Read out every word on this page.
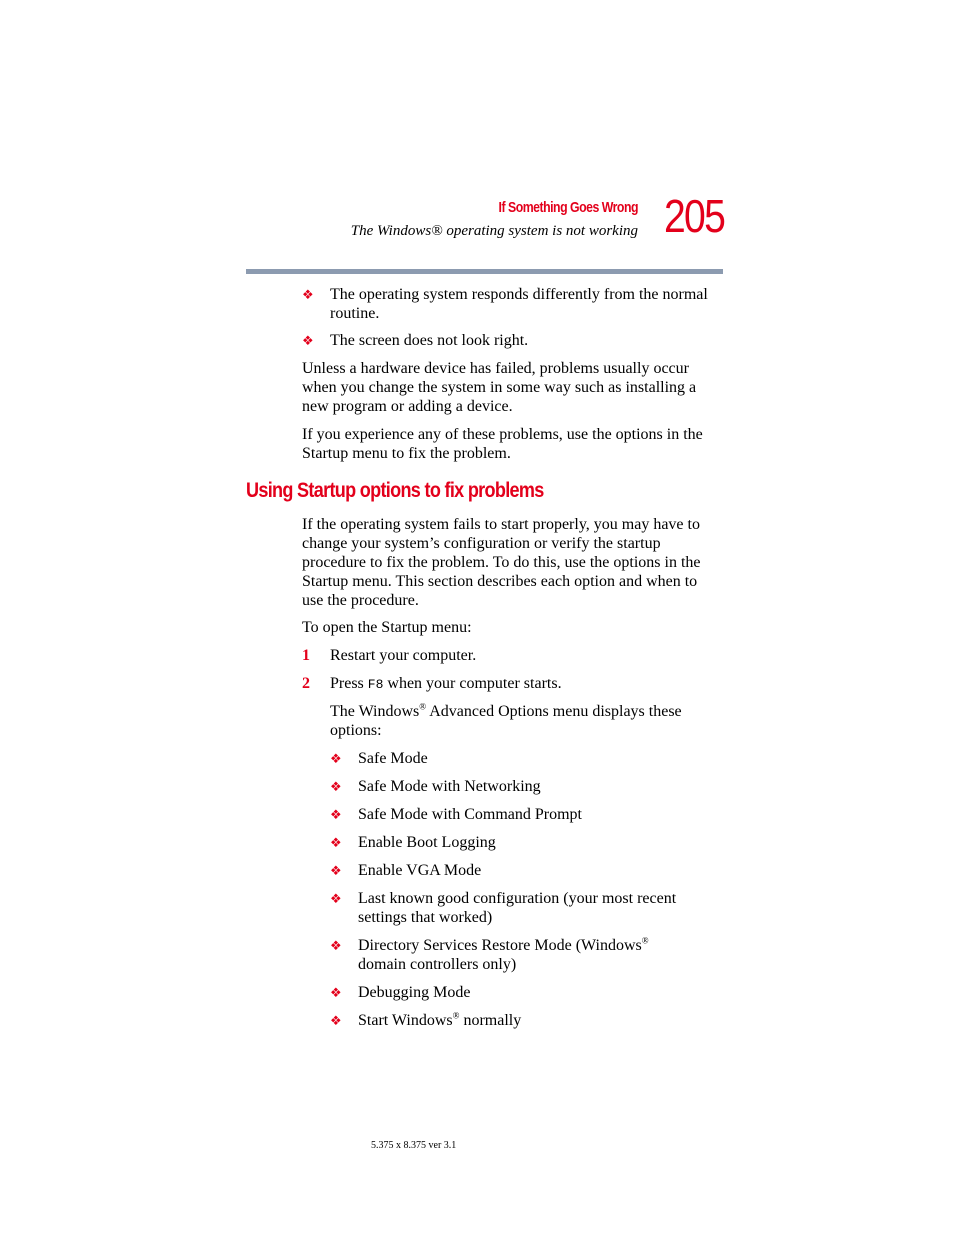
If Something Goes Wrong
The Windows® operating system is not working 205
❖ The operating system responds differently from the normal routine.

❖ The screen does not look right.

Unless a hardware device has failed, problems usually occur when you change the system in some way such as installing a new program or adding a device.

If you experience any of these problems, use the options in the Startup menu to fix the problem.

Using Startup options to fix problems

If the operating system fails to start properly, you may have to change your system’s configuration or verify the startup procedure to fix the problem. To do this, use the options in the Startup menu. This section describes each option and when to use the procedure.

To open the Startup menu:

1 Restart your computer.

2 Press F8 when your computer starts.

The Windows® Advanced Options menu displays these options:

❖ Safe Mode

❖ Safe Mode with Networking

❖ Safe Mode with Command Prompt

❖ Enable Boot Logging

❖ Enable VGA Mode

❖ Last known good configuration (your most recent settings that worked)

❖ Directory Services Restore Mode (Windows® domain controllers only)

❖ Debugging Mode

❖ Start Windows® normally

5.375 x 8.375 ver 3.1
